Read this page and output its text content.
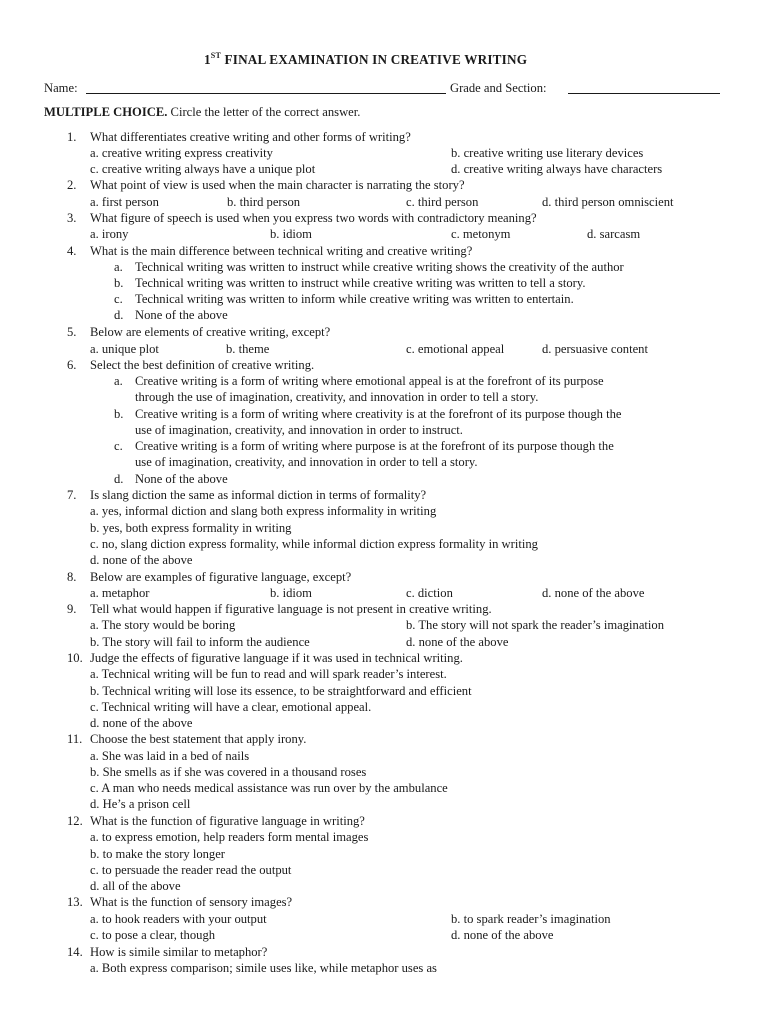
1ST FINAL EXAMINATION IN CREATIVE WRITING
Name:	Grade and Section:
MULTIPLE CHOICE. Circle the letter of the correct answer.
1. What differentiates creative writing and other forms of writing?
a. creative writing express creativity	b. creative writing use literary devices
c. creative writing always have a unique plot	d. creative writing always have characters
2. What point of view is used when the main character is narrating the story?
a. first person	b. third person	c. third person	d. third person omniscient
3. What figure of speech is used when you express two words with contradictory meaning?
a. irony	b. idiom	c. metonym	d. sarcasm
4. What is the main difference between technical writing and creative writing?
a. Technical writing was written to instruct while creative writing shows the creativity of the author
b. Technical writing was written to instruct while creative writing was written to tell a story.
c. Technical writing was written to inform while creative writing was written to entertain.
d. None of the above
5. Below are elements of creative writing, except?
a. unique plot	b. theme	c. emotional appeal	d. persuasive content
6. Select the best definition of creative writing.
a. Creative writing is a form of writing where emotional appeal is at the forefront of its purpose
through the use of imagination, creativity, and innovation in order to tell a story.
b. Creative writing is a form of writing where creativity is at the forefront of its purpose though the
use of imagination, creativity, and innovation in order to instruct.
c. Creative writing is a form of writing where purpose is at the forefront of its purpose though the
use of imagination, creativity, and innovation in order to tell a story.
d. None of the above
7. Is slang diction the same as informal diction in terms of formality?
a. yes, informal diction and slang both express informality in writing
b. yes, both express formality in writing
c. no, slang diction express formality, while informal diction express formality in writing
d. none of the above
8. Below are examples of figurative language, except?
a. metaphor	b. idiom	c. diction	d. none of the above
9. Tell what would happen if figurative language is not present in creative writing.
a. The story would be boring	b. The story will not spark the reader’s imagination
b. The story will fail to inform the audience	d. none of the above
10. Judge the effects of figurative language if it was used in technical writing.
a. Technical writing will be fun to read and will spark reader’s interest.
b. Technical writing will lose its essence, to be straightforward and efficient
c. Technical writing will have a clear, emotional appeal.
d. none of the above
11. Choose the best statement that apply irony.
a. She was laid in a bed of nails
b. She smells as if she was covered in a thousand roses
c. A man who needs medical assistance was run over by the ambulance
d. He’s a prison cell
12. What is the function of figurative language in writing?
a. to express emotion, help readers form mental images
b. to make the story longer
c. to persuade the reader read the output
d. all of the above
13. What is the function of sensory images?
a. to hook readers with your output	b. to spark reader’s imagination
c. to pose a clear, though	d. none of the above
14. How is simile similar to metaphor?
a. Both express comparison; simile uses like, while metaphor uses as
